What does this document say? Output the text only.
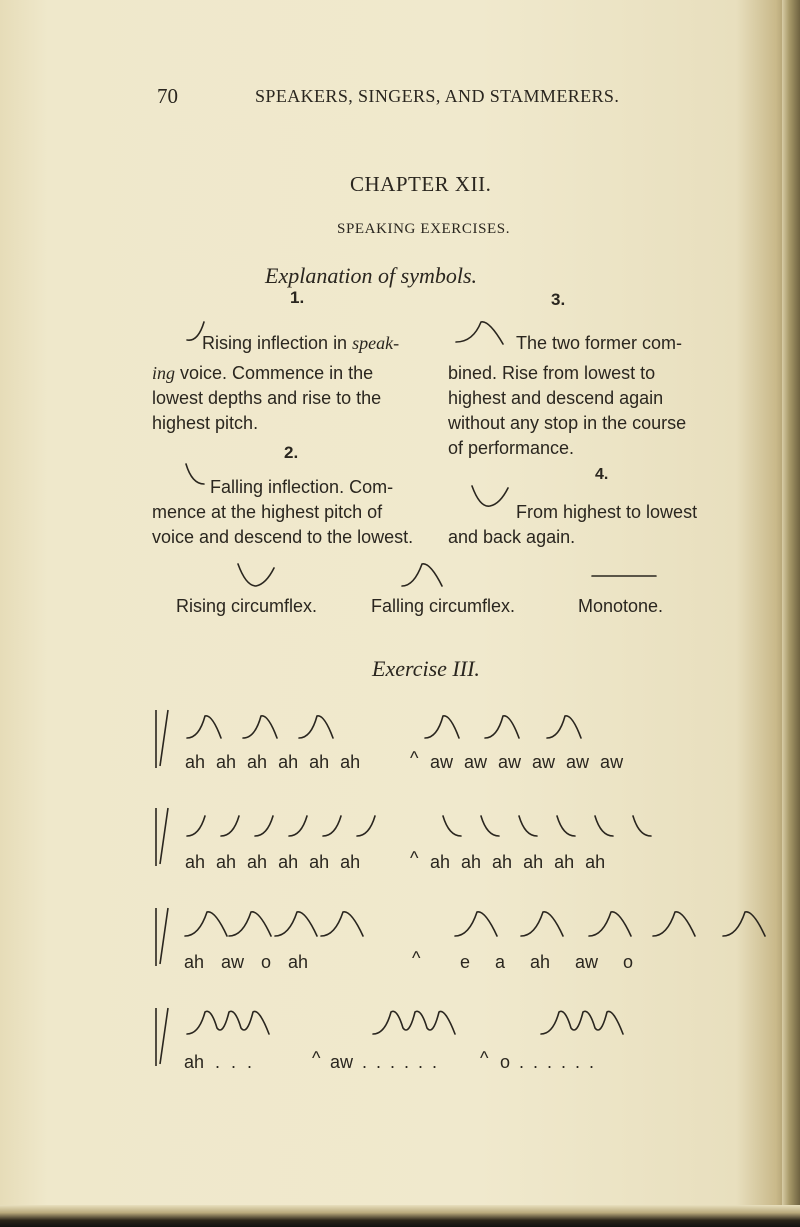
70	SPEAKERS, SINGERS, AND STAMMERERS.
CHAPTER XII.
SPEAKING EXERCISES.
Explanation of symbols.
1.
Rising inflection in speak-
ing voice. Commence in the
lowest depths and rise to the
highest pitch.
2.
Falling inflection. Com-
mence at the highest pitch of
voice and descend to the lowest.
3.
The two former com-
bined. Rise from lowest to
highest and descend again
without any stop in the course
of performance.
4.
From highest to lowest
and back again.
Rising circumflex.	Falling circumflex.	Monotone.
Exercise III.
ah ah ah ah ah ah	^ aw aw aw aw aw aw
ah ah ah ah ah ah	^ ah ah ah ah ah ah
ah aw o ah	^ e a ah aw o
ah . . .	^ aw . . . . . . ^ o . . . . . .
